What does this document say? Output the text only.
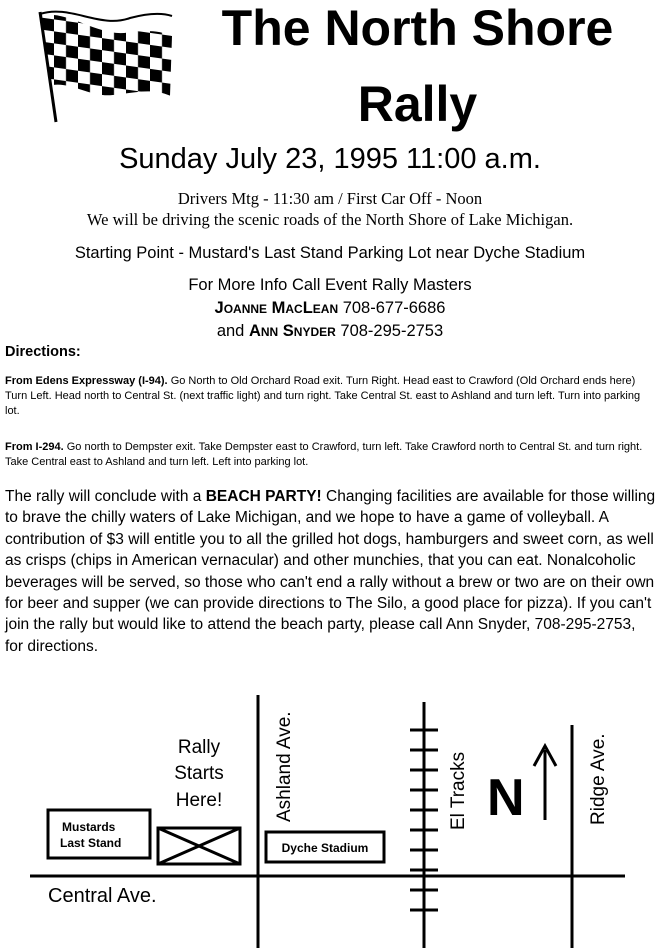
The North Shore
Rally
Sunday July 23, 1995 11:00 a.m.
Drivers Mtg - 11:30 am / First Car Off - Noon
We will be driving the scenic roads of the North Shore of Lake Michigan.
Starting Point - Mustard's Last Stand Parking Lot near Dyche Stadium
For More Info Call Event Rally Masters
Joanne MacLean 708-677-6686
and Ann Snyder 708-295-2753
Directions:
From Edens Expressway (I-94). Go North to Old Orchard Road exit. Turn Right. Head east to Crawford (Old Orchard ends here) Turn Left. Head north to Central St. (next traffic light) and turn right. Take Central St. east to Ashland and turn left. Turn into parking lot.
From I-294. Go north to Dempster exit. Take Dempster east to Crawford, turn left. Take Crawford north to Central St. and turn right. Take Central east to Ashland and turn left. Left into parking lot.
The rally will conclude with a BEACH PARTY! Changing facilities are available for those willing to brave the chilly waters of Lake Michigan, and we hope to have a game of volleyball. A contribution of $3 will entitle you to all the grilled hot dogs, hamburgers and sweet corn, as well as crisps (chips in American vernacular) and other munchies, that you can eat. Nonalcoholic beverages will be served, so those who can't end a rally without a brew or two are on their own for beer and supper (we can provide directions to The Silo, a good place for pizza). If you can't join the rally but would like to attend the beach party, please call Ann Snyder, 708-295-2753, for directions.
Mustards
Last Stand
Rally
Starts
Here!	Ashland Ave.
Dyche Stadium
El Tracks N	Ridge Ave.
Central Ave.
